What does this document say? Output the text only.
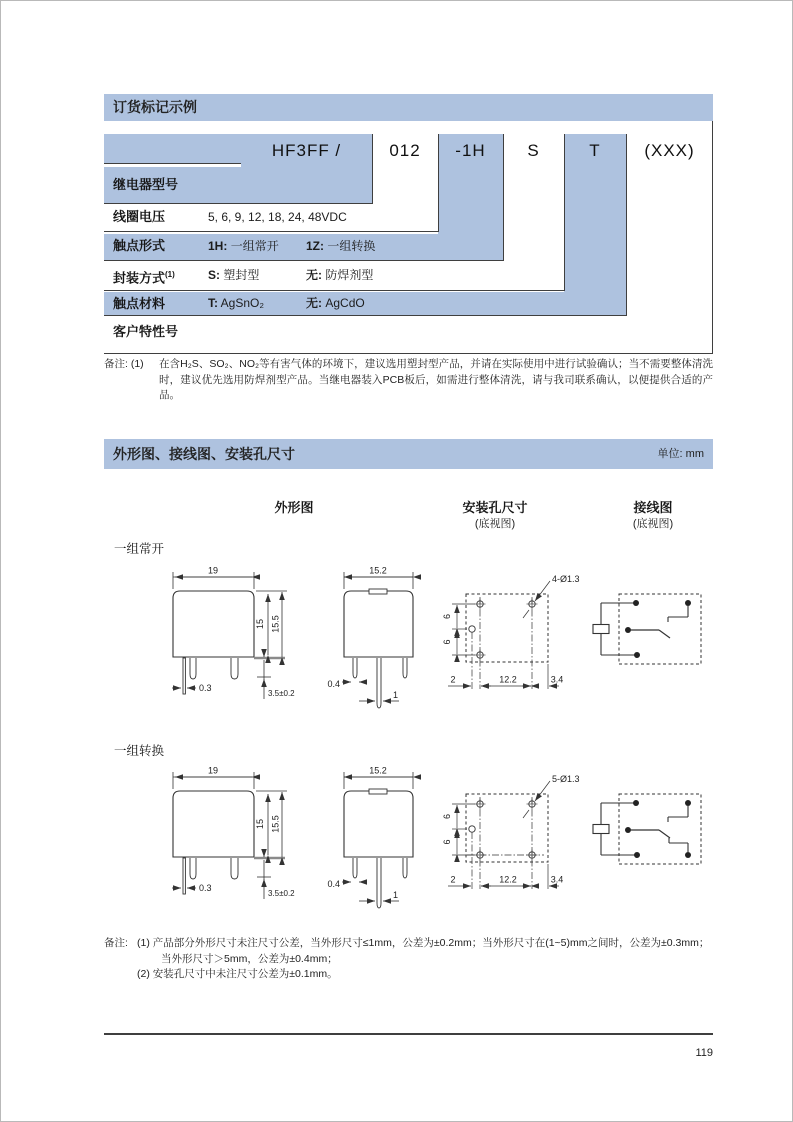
订货标记示例
HF3FF /	012	-1H	S	T	(XXX)
继电器型号
线圈电压	5, 6, 9, 12, 18, 24, 48VDC
触点形式	1H: 一组常开 1Z: 一组转换
封装方式$^{(1)}$	S: 塑封型	无: 防焊剂型
触点材料	T: AgSnO₂	无: AgCdO
客户特性号
备注: (1)	在含H₂S、SO₂、NO₂等有害气体的环境下，建议选用塑封型产品，并请在实际使用中进行试验确认；当不需要整体清洗时，建议优先选用防焊剂型产品。当继电器装入PCB板后，如需进行整体清洗，请与我司联系确认，以便提供合适的产品。
外形图、接线图、安装孔尺寸	单位: mm
外形图	安装孔尺寸
(底视图)
接线图
(底视图)
一组常开
一组转换
4-Ø1.3
5-Ø1.3
备注: (1) 产品部分外形尺寸未注尺寸公差，当外形尺寸≤1mm，公差为±0.2mm；当外形尺寸在(1~5)mm之间时，公差为±0.3mm；当外形尺寸＞5mm，公差为±0.4mm；
(2) 安装孔尺寸中未注尺寸公差为±0.1mm。
119
